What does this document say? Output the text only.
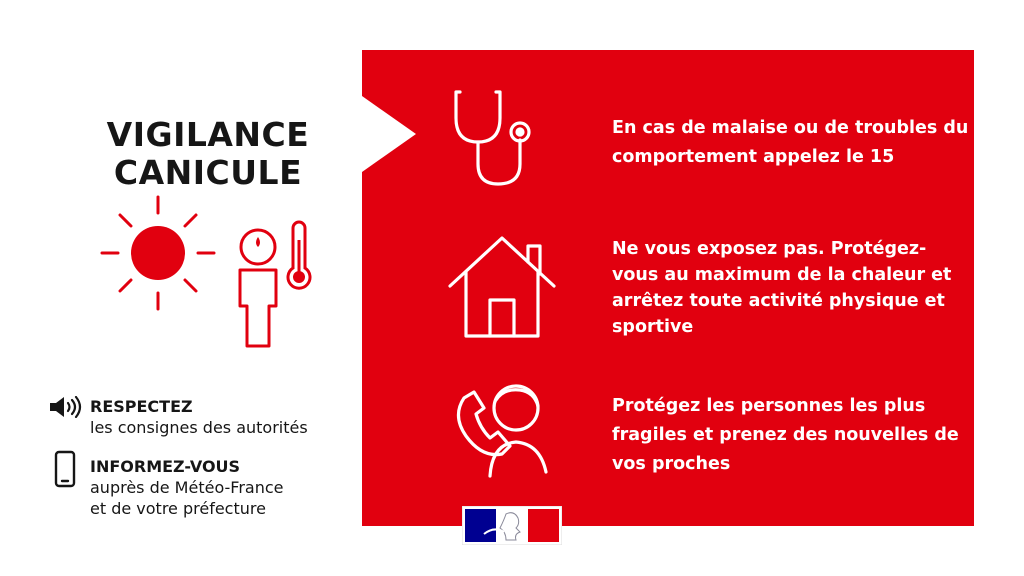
VIGILANCE
CANICULE
RESPECTEZ
les consignes des autorités
INFORMEZ-VOUS
auprès de Météo-France
et de votre préfecture
En cas de malaise ou de troubles du comportement appelez le 15
Ne vous exposez pas. Protégez-vous au maximum de la chaleur et arrêtez toute activité physique et sportive
Protégez les personnes les plus fragiles et prenez des nouvelles de vos proches
